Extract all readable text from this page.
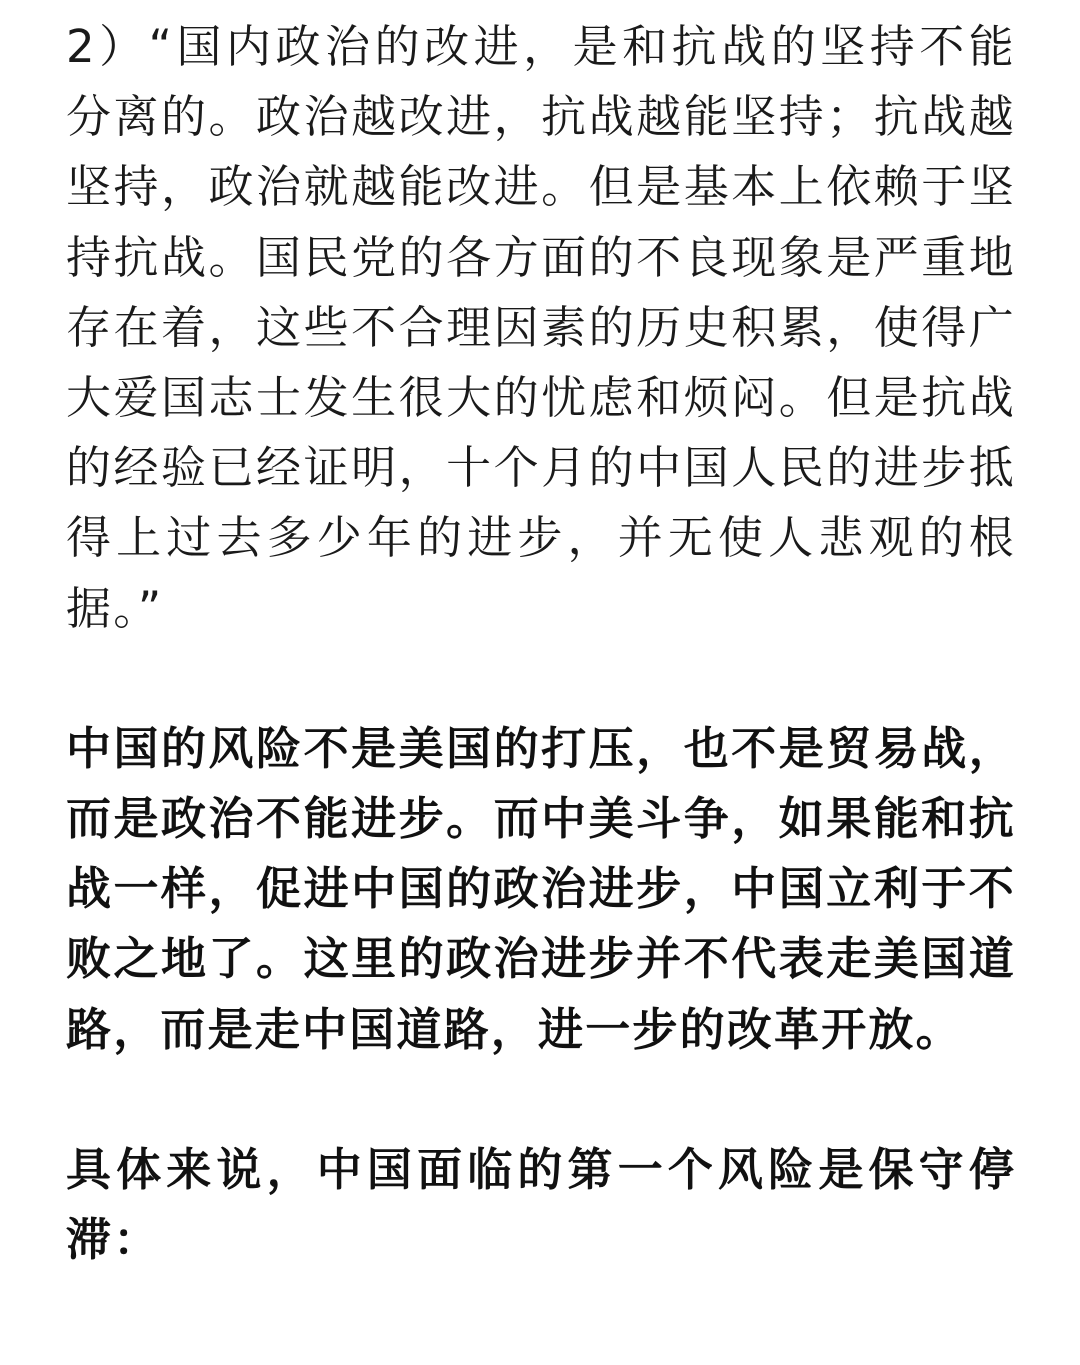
2）“国内政治的改进，是和抗战的坚持不能分离的。政治越改进，抗战越能坚持；抗战越坚持，政治就越能改进。但是基本上依赖于坚持抗战。国民党的各方面的不良现象是严重地存在着，这些不合理因素的历史积累，使得广大爱国志士发生很大的忧虑和烦闷。但是抗战的经验已经证明，十个月的中国人民的进步抵得上过去多少年的进步，并无使人悲观的根据。”

中国的风险不是美国的打压，也不是贸易战，而是政治不能进步。而中美斗争，如果能和抗战一样，促进中国的政治进步，中国立利于不败之地了。这里的政治进步并不代表走美国道路，而是走中国道路，进一步的改革开放。

具体来说，中国面临的第一个风险是保守停滞：
